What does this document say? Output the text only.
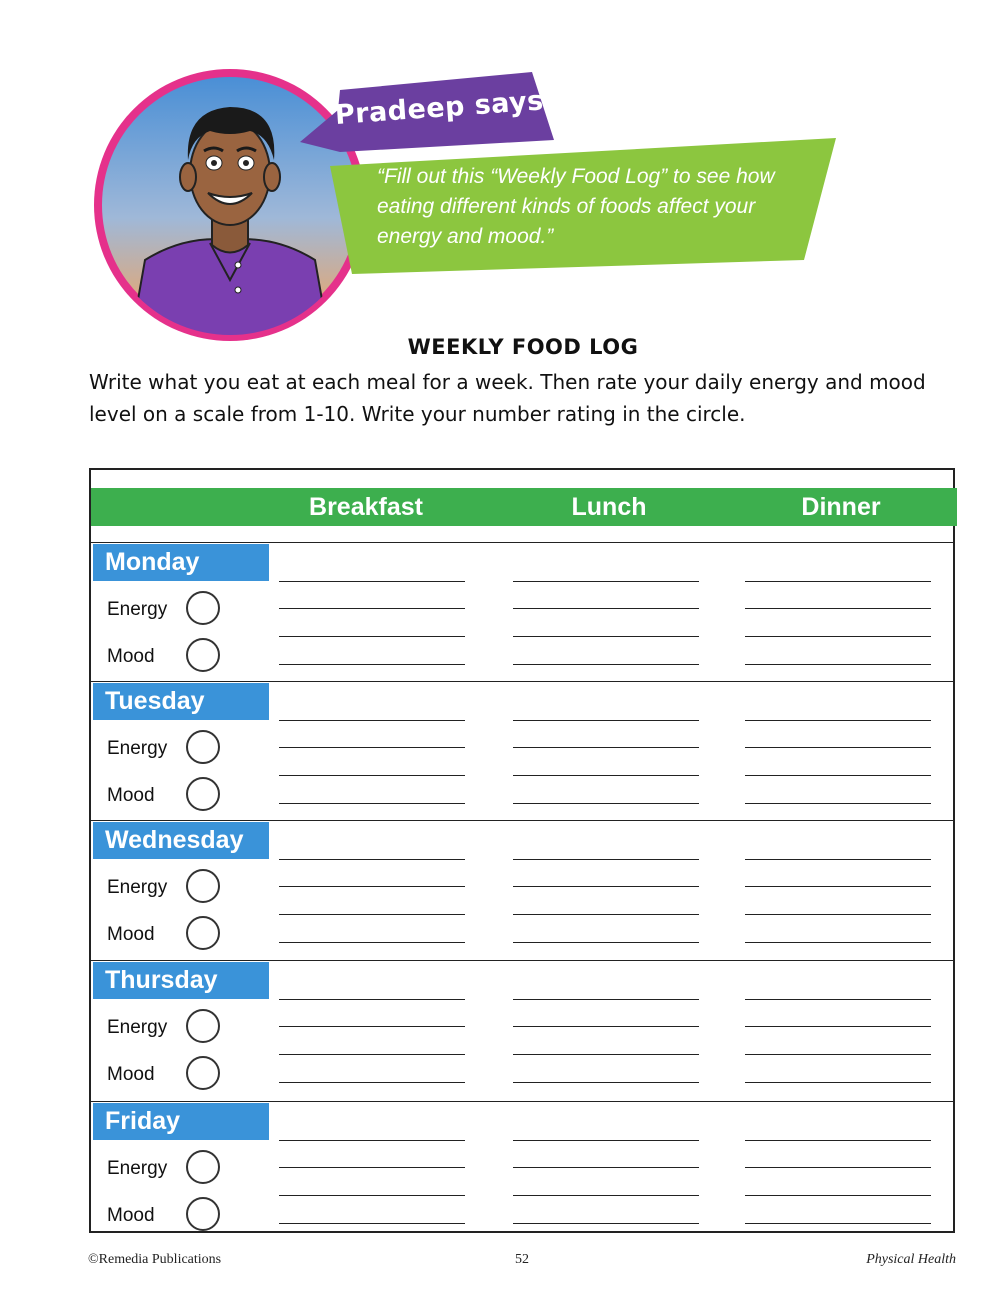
Pradeep says:
“Fill out this “Weekly Food Log” to see how eating different kinds of foods affect your energy and mood.”
WEEKLY FOOD LOG
Write what you eat at each meal for a week. Then rate your daily energy and mood level on a scale from 1-10. Write your number rating in the circle.
Breakfast	Lunch	Dinner
Monday
Energy
Mood
Tuesday
Energy
Mood
Wednesday
Energy
Mood
Thursday
Energy
Mood
Friday
Energy
Mood
©Remedia Publications	52	Physical Health
